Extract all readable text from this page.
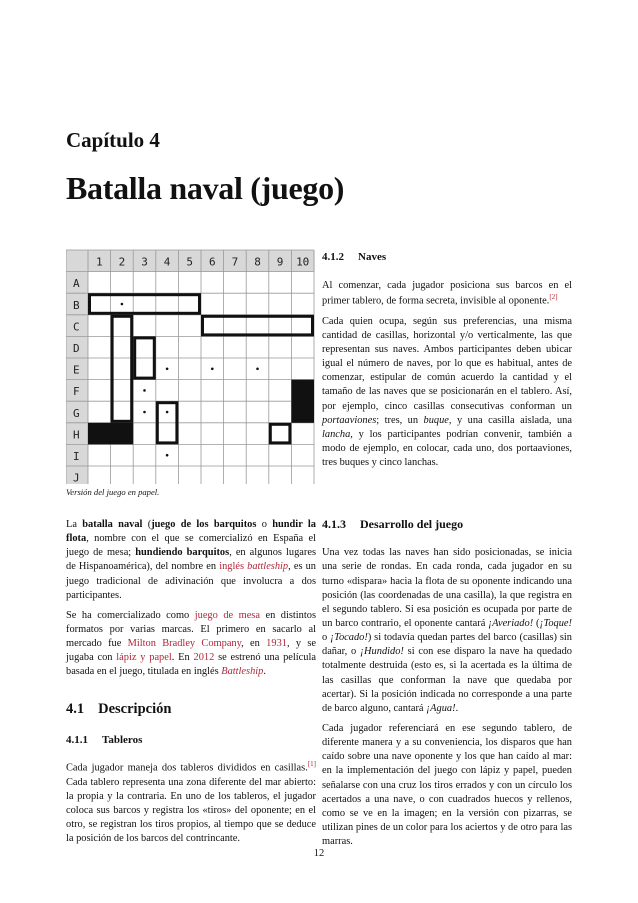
Capítulo 4
Batalla naval (juego)
1 2 3 4 5 6 7 8 9 10
A
B
C
D
E
F
G
H
I
J
Versión del juego en papel.

La batalla naval (juego de los barquitos o hundir la flota, nombre con el que se comercializó en España el juego de mesa; hundiendo barquitos, en algunos lugares de Hispanoamérica), del nombre en inglés battleship, es un juego tradicional de adivinación que involucra a dos participantes.

Se ha comercializado como juego de mesa en distintos formatos por varias marcas. El primero en sacarlo al mercado fue Milton Bradley Company, en 1931, y se jugaba con lápiz y papel. En 2012 se estrenó una película basada en el juego, titulada en inglés Battleship.

4.1 Descripción
4.1.1 Tableros

Cada jugador maneja dos tableros divididos en casillas.[1] Cada tablero representa una zona diferente del mar abierto: la propia y la contraria. En uno de los tableros, el jugador coloca sus barcos y registra los «tiros» del oponente; en el otro, se registran los tiros propios, al tiempo que se deduce la posición de los barcos del contrincante.

4.1.2 Naves

Al comenzar, cada jugador posiciona sus barcos en el primer tablero, de forma secreta, invisible al oponente.[2]

Cada quien ocupa, según sus preferencias, una misma cantidad de casillas, horizontal y/o verticalmente, las que representan sus naves. Ambos participantes deben ubicar igual el número de naves, por lo que es habitual, antes de comenzar, estipular de común acuerdo la cantidad y el tamaño de las naves que se posicionarán en el tablero. Así, por ejemplo, cinco casillas consecutivas conforman un portaaviones; tres, un buque, y una casilla aislada, una lancha, y los participantes podrían convenir, también a modo de ejemplo, en colocar, cada uno, dos portaaviones, tres buques y cinco lanchas.

4.1.3 Desarrollo del juego

Una vez todas las naves han sido posicionadas, se inicia una serie de rondas. En cada ronda, cada jugador en su turno «dispara» hacia la flota de su oponente indicando una posición (las coordenadas de una casilla), la que registra en el segundo tablero. Si esa posición es ocupada por parte de un barco contrario, el oponente cantará ¡Averiado! (¡Toque! o ¡Tocado!) si todavía quedan partes del barco (casillas) sin dañar, o ¡Hundido! si con ese disparo la nave ha quedado totalmente destruida (esto es, si la acertada es la última de las casillas que conforman la nave que quedaba por acertar). Si la posición indicada no corresponde a una parte de barco alguno, cantará ¡Agua!.

Cada jugador referenciará en ese segundo tablero, de diferente manera y a su conveniencia, los disparos que han caído sobre una nave oponente y los que han caído al mar: en la implementación del juego con lápiz y papel, pueden señalarse con una cruz los tiros errados y con un círculo los acertados a una nave, o con cuadrados huecos y rellenos, como se ve en la imagen; en la versión con pizarras, se utilizan pines de un color para los aciertos y de otro para las marras.

12
